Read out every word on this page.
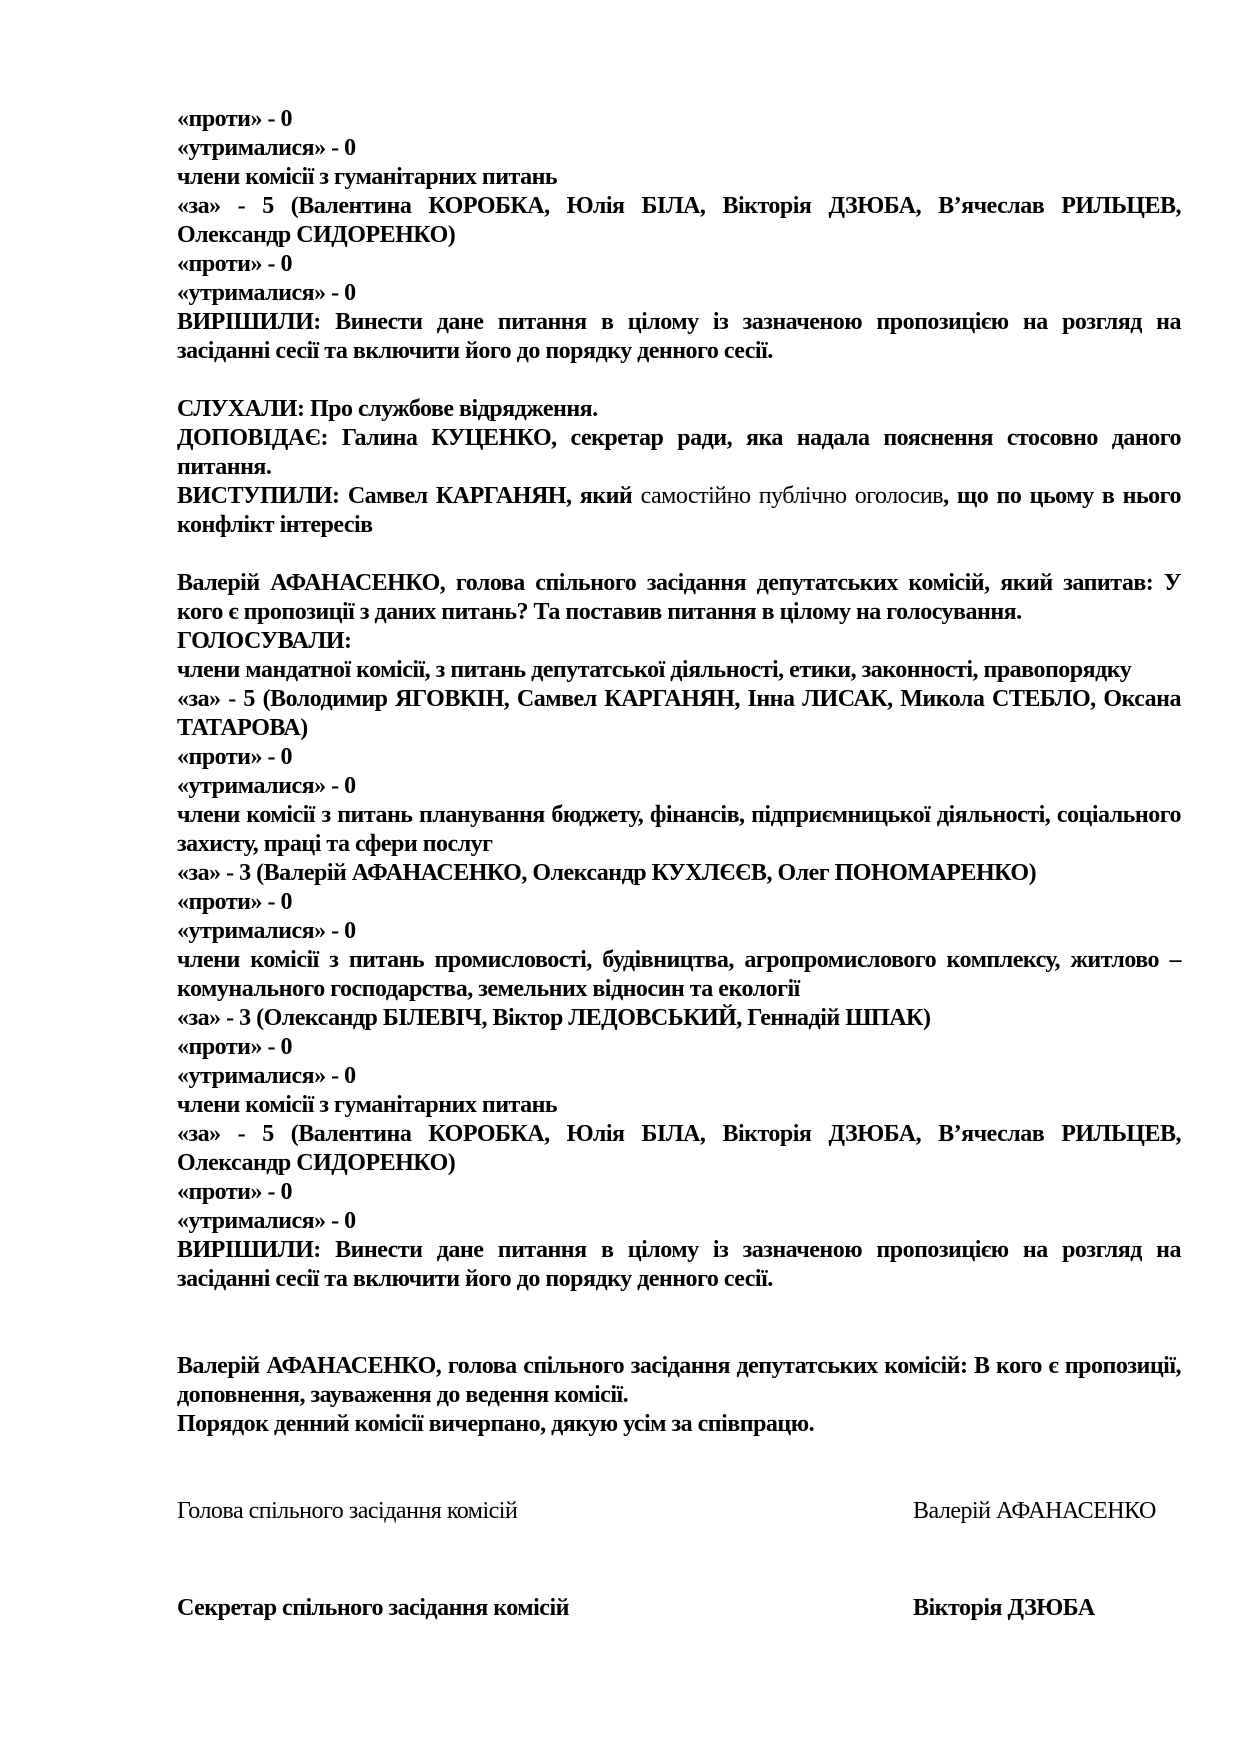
«проти» - 0

«утрималися» - 0

члени комісії з гуманітарних питань

«за» - 5 (Валентина КОРОБКА, Юлія БІЛА, Вікторія ДЗЮБА, В’ячеслав РИЛЬЦЕВ, Олександр СИДОРЕНКО)

«проти» - 0

«утрималися» - 0

ВИРІШИЛИ: Винести дане питання в цілому із зазначеною пропозицією на розгляд на засіданні сесії та включити його до порядку денного сесії.

СЛУХАЛИ: Про службове відрядження.

ДОПОВІДАЄ: Галина КУЦЕНКО, секретар ради, яка надала пояснення стосовно даного питання.

ВИСТУПИЛИ: Самвел КАРГАНЯН, який самостійно публічно оголосив, що по цьому в нього конфлікт інтересів

Валерій АФАНАСЕНКО, голова спільного засідання депутатських комісій, який запитав: У кого є пропозиції з даних питань? Та поставив питання в цілому на голосування.

ГОЛОСУВАЛИ:

члени мандатної комісії, з питань депутатської діяльності, етики, законності, правопорядку

«за» - 5 (Володимир ЯГОВКІН, Самвел КАРГАНЯН, Інна ЛИСАК, Микола СТЕБЛО, Оксана ТАТАРОВА)

«проти» - 0

«утрималися» - 0

члени комісії з питань планування бюджету, фінансів, підприємницької діяльності, соціального захисту, праці та сфери послуг

«за» - 3 (Валерій АФАНАСЕНКО, Олександр КУХЛЄЄВ, Олег ПОНОМАРЕНКО)

«проти» - 0

«утрималися» - 0

члени комісії з питань промисловості, будівництва, агропромислового комплексу, житлово – комунального господарства, земельних відносин та екології

«за» - 3 (Олександр БІЛЕВІЧ, Віктор ЛЕДОВСЬКИЙ, Геннадій ШПАК)

«проти» - 0

«утрималися» - 0

члени комісії з гуманітарних питань

«за» - 5 (Валентина КОРОБКА, Юлія БІЛА, Вікторія ДЗЮБА, В’ячеслав РИЛЬЦЕВ, Олександр СИДОРЕНКО)

«проти» - 0

«утрималися» - 0

ВИРІШИЛИ: Винести дане питання в цілому із зазначеною пропозицією на розгляд на засіданні сесії та включити його до порядку денного сесії.

Валерій АФАНАСЕНКО, голова спільного засідання депутатських комісій: В кого є пропозиції, доповнення, зауваження до ведення комісії.

Порядок денний комісії вичерпано, дякую усім за співпрацю.

Голова спільного засідання комісій	Валерій АФАНАСЕНКО
Секретар спільного засідання комісій	Вікторія ДЗЮБА
